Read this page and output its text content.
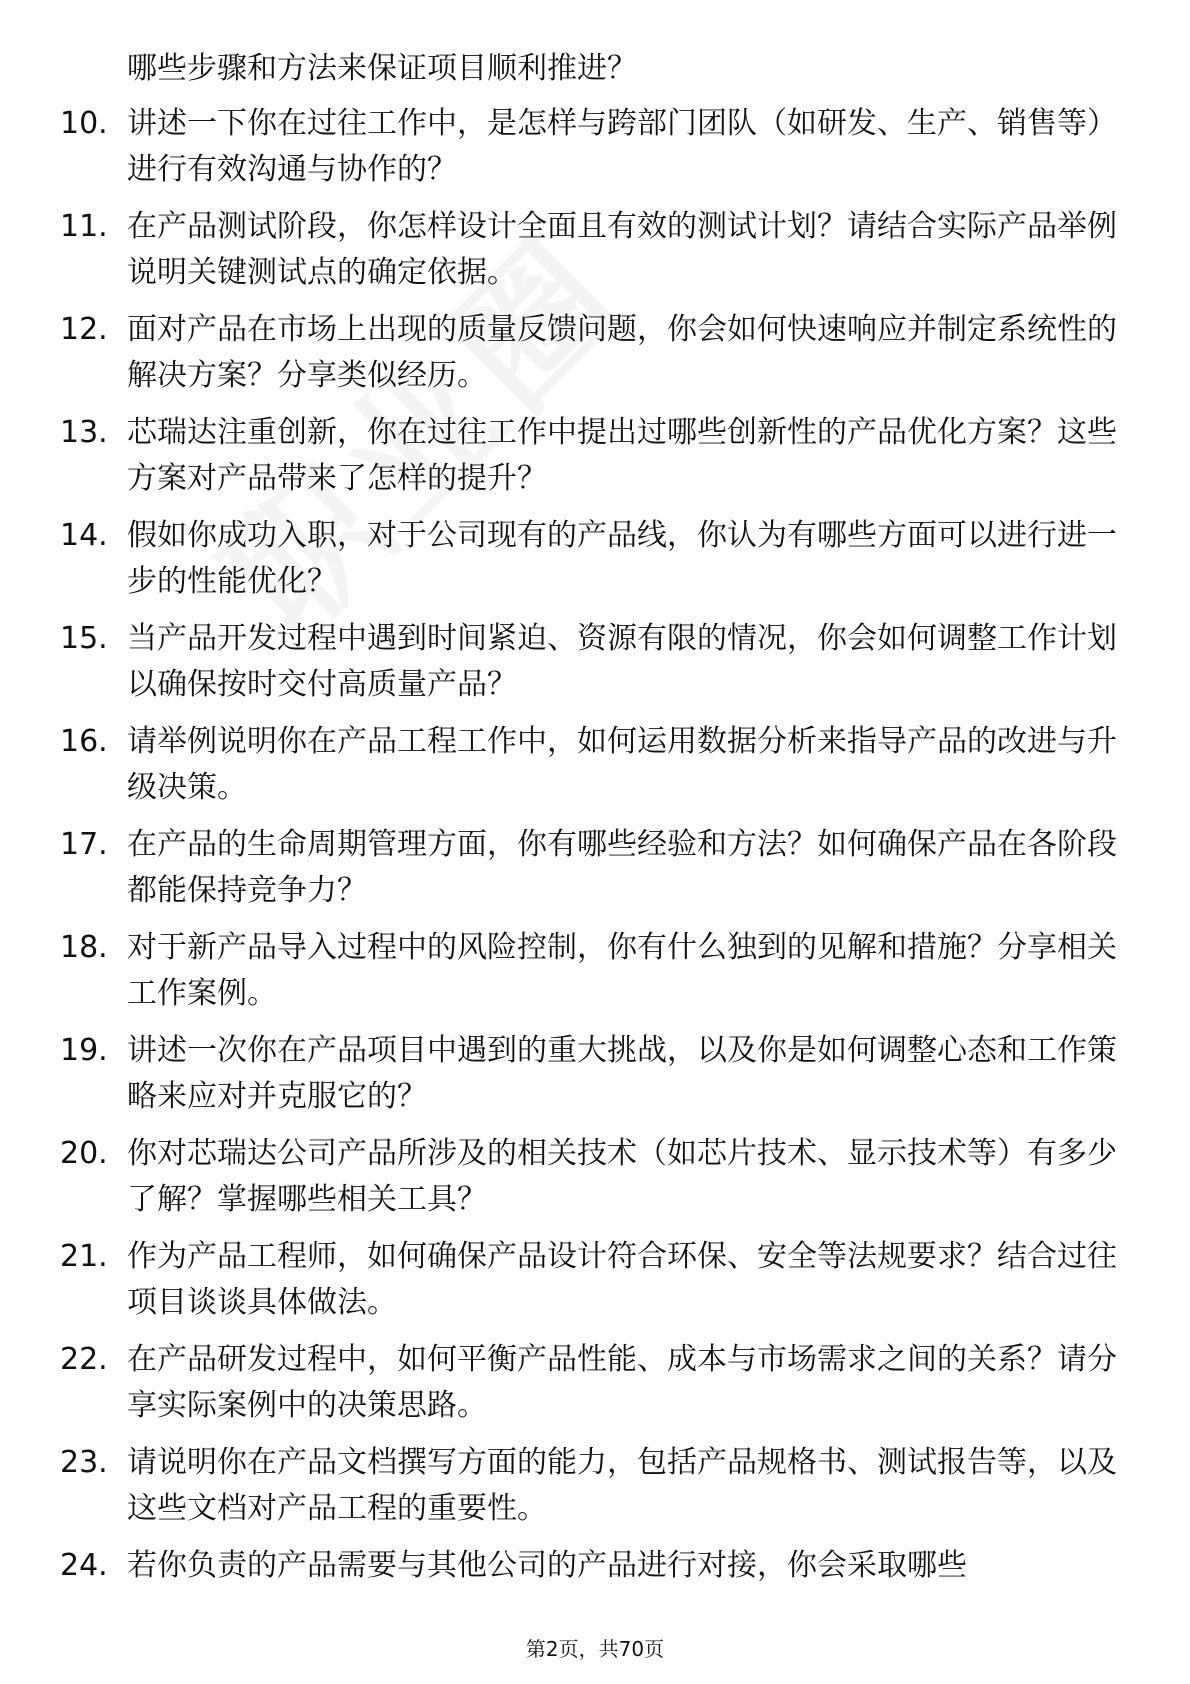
哪些步骤和方法来保证项目顺利推进？
10. 讲述一下你在过往工作中，是怎样与跨部门团队（如研发、生产、销售等）进行有效沟通与协作的？
11. 在产品测试阶段，你怎样设计全面且有效的测试计划？请结合实际产品举例说明关键测试点的确定依据。
12. 面对产品在市场上出现的质量反馈问题，你会如何快速响应并制定系统性的解决方案？分享类似经历。
13. 芯瑞达注重创新，你在过往工作中提出过哪些创新性的产品优化方案？这些方案对产品带来了怎样的提升？
14. 假如你成功入职，对于公司现有的产品线，你认为有哪些方面可以进行进一步的性能优化？
15. 当产品开发过程中遇到时间紧迫、资源有限的情况，你会如何调整工作计划以确保按时交付高质量产品？
16. 请举例说明你在产品工程工作中，如何运用数据分析来指导产品的改进与升级决策。
17. 在产品的生命周期管理方面，你有哪些经验和方法？如何确保产品在各阶段都能保持竞争力？
18. 对于新产品导入过程中的风险控制，你有什么独到的见解和措施？分享相关工作案例。
19. 讲述一次你在产品项目中遇到的重大挑战，以及你是如何调整心态和工作策略来应对并克服它的？
20. 你对芯瑞达公司产品所涉及的相关技术（如芯片技术、显示技术等）有多少了解？掌握哪些相关工具？
21. 作为产品工程师，如何确保产品设计符合环保、安全等法规要求？结合过往项目谈谈具体做法。
22. 在产品研发过程中，如何平衡产品性能、成本与市场需求之间的关系？请分享实际案例中的决策思路。
23. 请说明你在产品文档撰写方面的能力，包括产品规格书、测试报告等，以及这些文档对产品工程的重要性。
24. 若你负责的产品需要与其他公司的产品进行对接，你会采取哪些
第2页，共70页
